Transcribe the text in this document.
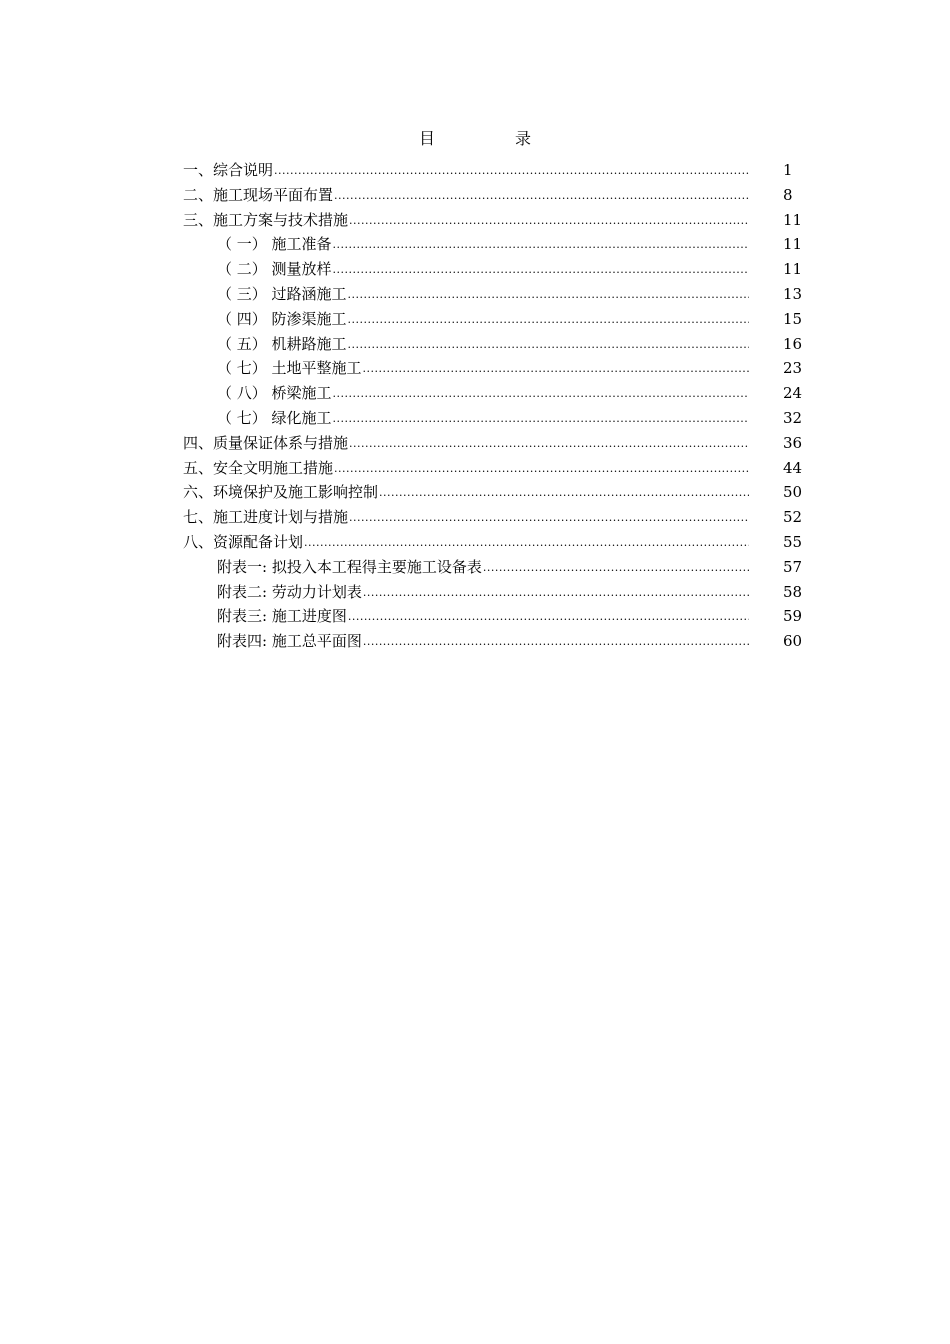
目	录
一、综合说明 .....	1
二、施工现场平面布置 .....	8
三、施工方案与技术措施 .....	11
（ 一） 施工准备 .....	11
（ 二） 测量放样 .....	11
（ 三） 过路涵施工 .....	13
（ 四） 防渗渠施工 .....	15
（ 五） 机耕路施工 .....	16
（ 七） 土地平整施工 .....	23
（ 八） 桥梁施工 .....	24
（ 七） 绿化施工 .....	32
四、质量保证体系与措施 .....	36
五、安全文明施工措施 .....	44
六、环境保护及施工影响控制 .....	50
七、施工进度计划与措施 .....	52
八、资源配备计划 .....	55
附表一: 拟投入本工程得主要施工设备表 .....	57
附表二: 劳动力计划表 .....	58
附表三: 施工进度图 .....	59
附表四: 施工总平面图 .....	60
